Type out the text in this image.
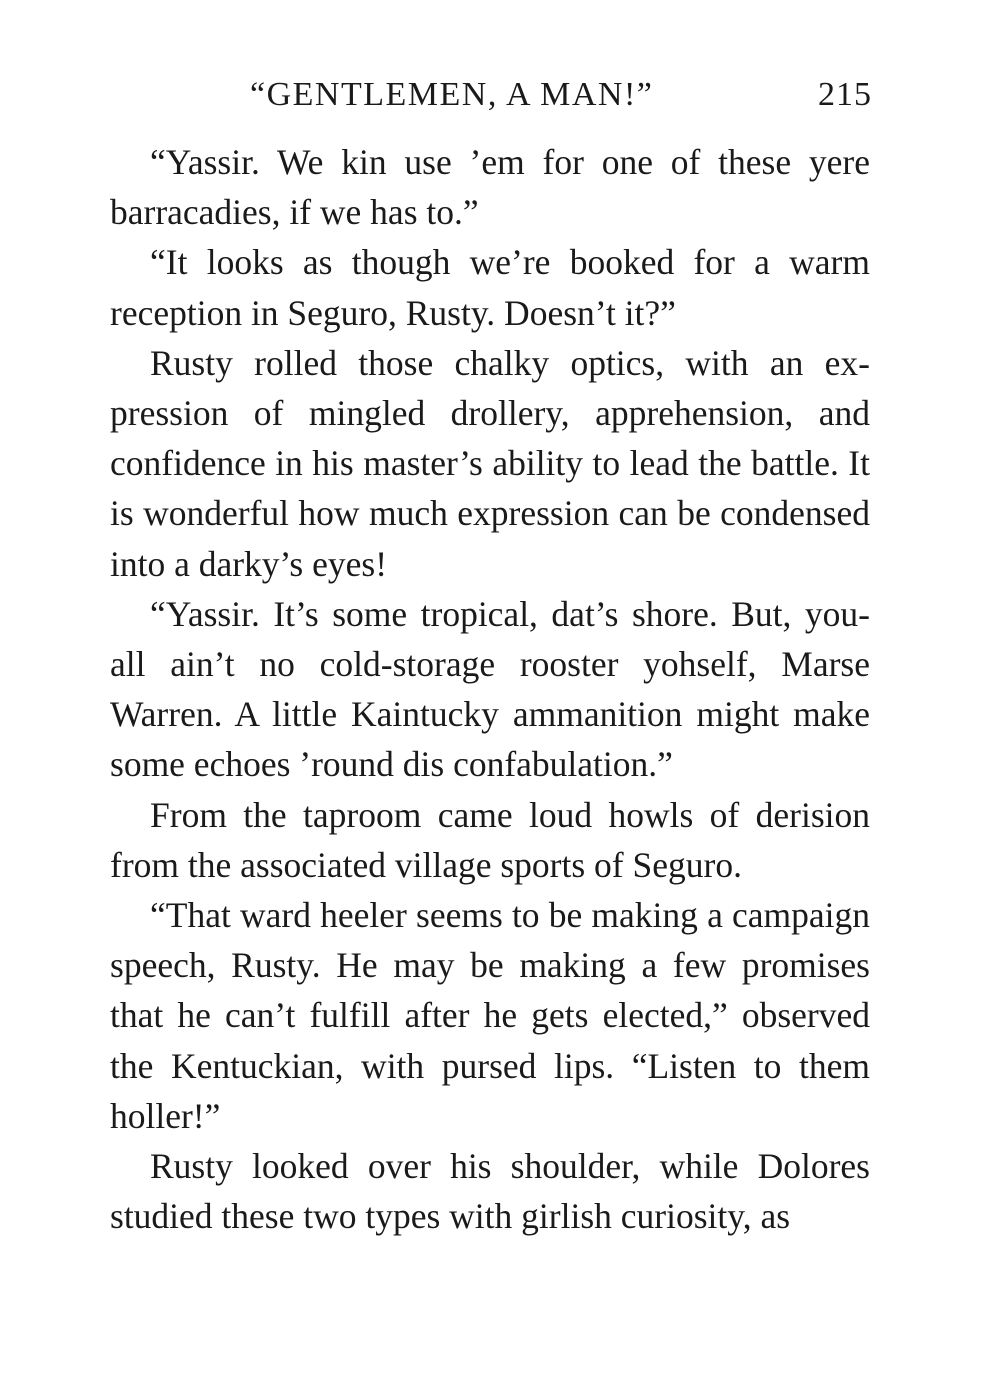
“GENTLEMEN, A MAN!”	215

“Yassir. We kin use ’em for one of these yere barracadies, if we has to.”

“It looks as though we’re booked for a warm reception in Seguro, Rusty. Doesn’t it?”

Rusty rolled those chalky optics, with an expression of mingled drollery, apprehension, and confidence in his master’s ability to lead the battle. It is wonderful how much expression can be condensed into a darky’s eyes!

“Yassir. It’s some tropical, dat’s shore. But, you-all ain’t no cold-storage rooster yohself, Marse Warren. A little Kaintucky ammanition might make some echoes ’round dis confabulation.”

From the taproom came loud howls of derision from the associated village sports of Seguro.

“That ward heeler seems to be making a campaign speech, Rusty. He may be making a few promises that he can’t fulfill after he gets elected,” observed the Kentuckian, with pursed lips. “Listen to them holler!”

Rusty looked over his shoulder, while Dolores studied these two types with girlish curiosity, as
